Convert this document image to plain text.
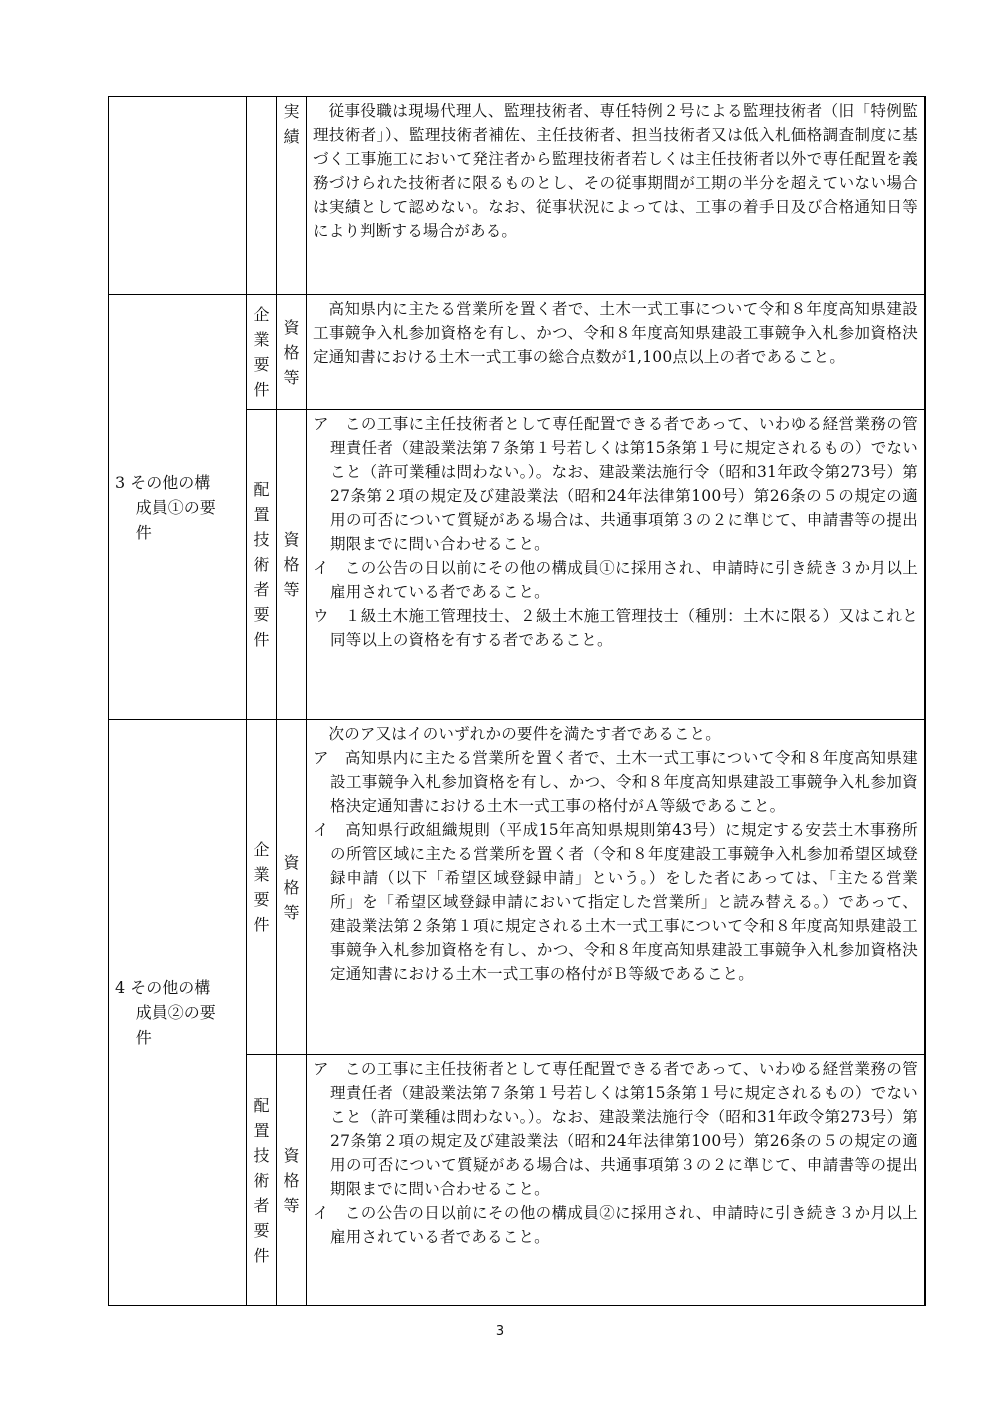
実
績

従事役職は現場代理人、監理技術者、専任特例２号による監理技術者（旧「特例監理技術者」）、監理技術者補佐、主任技術者、担当技術者又は低入札価格調査制度に基づく工事施工において発注者から監理技術者若しくは主任技術者以外で専任配置を義務づけられた技術者に限るものとし、その従事期間が工期の半分を超えていない場合は実績として認めない。なお、従事状況によっては、工事の着手日及び合格通知日等により判断する場合がある。

3 その他の構

成員①の要

件

企
業
要
件
資
格
等

高知県内に主たる営業所を置く者で、土木一式工事について令和８年度高知県建設工事競争入札参加資格を有し、かつ、令和８年度高知県建設工事競争入札参加資格決定通知書における土木一式工事の総合点数が1,100点以上の者であること。

配
置
技
術
者
要
件
資
格
等

ア　この工事に主任技術者として専任配置できる者であって、いわゆる経営業務の管理責任者（建設業法第７条第１号若しくは第15条第１号に規定されるもの）でないこと（許可業種は問わない。）。なお、建設業法施行令（昭和31年政令第273号）第27条第２項の規定及び建設業法（昭和24年法律第100号）第26条の５の規定の適用の可否について質疑がある場合は、共通事項第３の２に準じて、申請書等の提出期限までに問い合わせること。

イ　この公告の日以前にその他の構成員①に採用され、申請時に引き続き３か月以上雇用されている者であること。

ウ　１級土木施工管理技士、２級土木施工管理技士（種別：土木に限る）又はこれと同等以上の資格を有する者であること。

4 その他の構

成員②の要

件

企
業
要
件
資
格
等

次のア又はイのいずれかの要件を満たす者であること。

ア　高知県内に主たる営業所を置く者で、土木一式工事について令和８年度高知県建設工事競争入札参加資格を有し、かつ、令和８年度高知県建設工事競争入札参加資格決定通知書における土木一式工事の格付がＡ等級であること。

イ　高知県行政組織規則（平成15年高知県規則第43号）に規定する安芸土木事務所の所管区域に主たる営業所を置く者（令和８年度建設工事競争入札参加希望区域登録申請（以下「希望区域登録申請」という。）をした者にあっては、「主たる営業所」を「希望区域登録申請において指定した営業所」と読み替える。）であって、建設業法第２条第１項に規定される土木一式工事について令和８年度高知県建設工事競争入札参加資格を有し、かつ、令和８年度高知県建設工事競争入札参加資格決定通知書における土木一式工事の格付がＢ等級であること。

配
置
技
術
者
要
件
資
格
等

ア　この工事に主任技術者として専任配置できる者であって、いわゆる経営業務の管理責任者（建設業法第７条第１号若しくは第15条第１号に規定されるもの）でないこと（許可業種は問わない。）。なお、建設業法施行令（昭和31年政令第273号）第27条第２項の規定及び建設業法（昭和24年法律第100号）第26条の５の規定の適用の可否について質疑がある場合は、共通事項第３の２に準じて、申請書等の提出期限までに問い合わせること。

イ　この公告の日以前にその他の構成員②に採用され、申請時に引き続き３か月以上雇用されている者であること。

3
